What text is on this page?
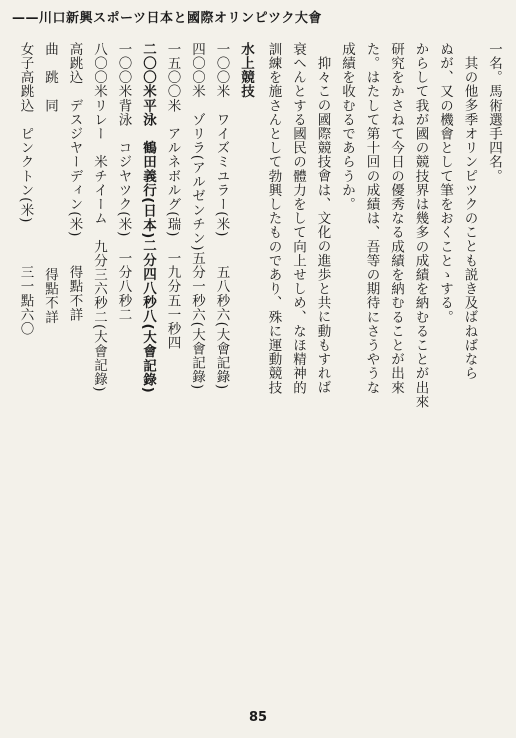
新興スポーツ日本と國際オリンピツク大會
——川口

一名。馬術選手四名。

其の他多季オリンピツクのことも説き及ばねばなら

ぬが、又の機會として筆をおくことゝする。

からして我が國の競技界は幾多の成績を納むることが出來

研究をかさねて今日の優秀なる成績を納むることが出來

た。はたして第十回の成績は、吾等の期待にさうやうな

成績を收むるであらうか。

抑々この國際競技會は、文化の進歩と共に動もすれば

衰へんとする國民の體力をして向上せしめ、なほ精神的

訓練を施さんとして勃興したものであり、殊に運動競技

水上競技

一〇〇米　ワイズミユラー(米)　　五八秒六(大會記錄)

四〇〇米　ゾリラ(アルゼンチン)五分一秒六(大會記錄)

一五〇〇米　アルネボルグ(瑞)　一九分五一秒四

二〇〇米平泳　鶴田義行(日本)二分四八秒八(大會記錄)

一〇〇米背泳　コジヤツク(米)　一分八秒二

八〇〇米リレー　米チイーム　九分三六秒二(大會記錄)

高跳込　デスジヤーディン(米)　　得點不詳

曲　跳　同　　　　　　　　　　　得點不詳

女子高跳込　ピンクトン(米)　　　三一點六〇

85
